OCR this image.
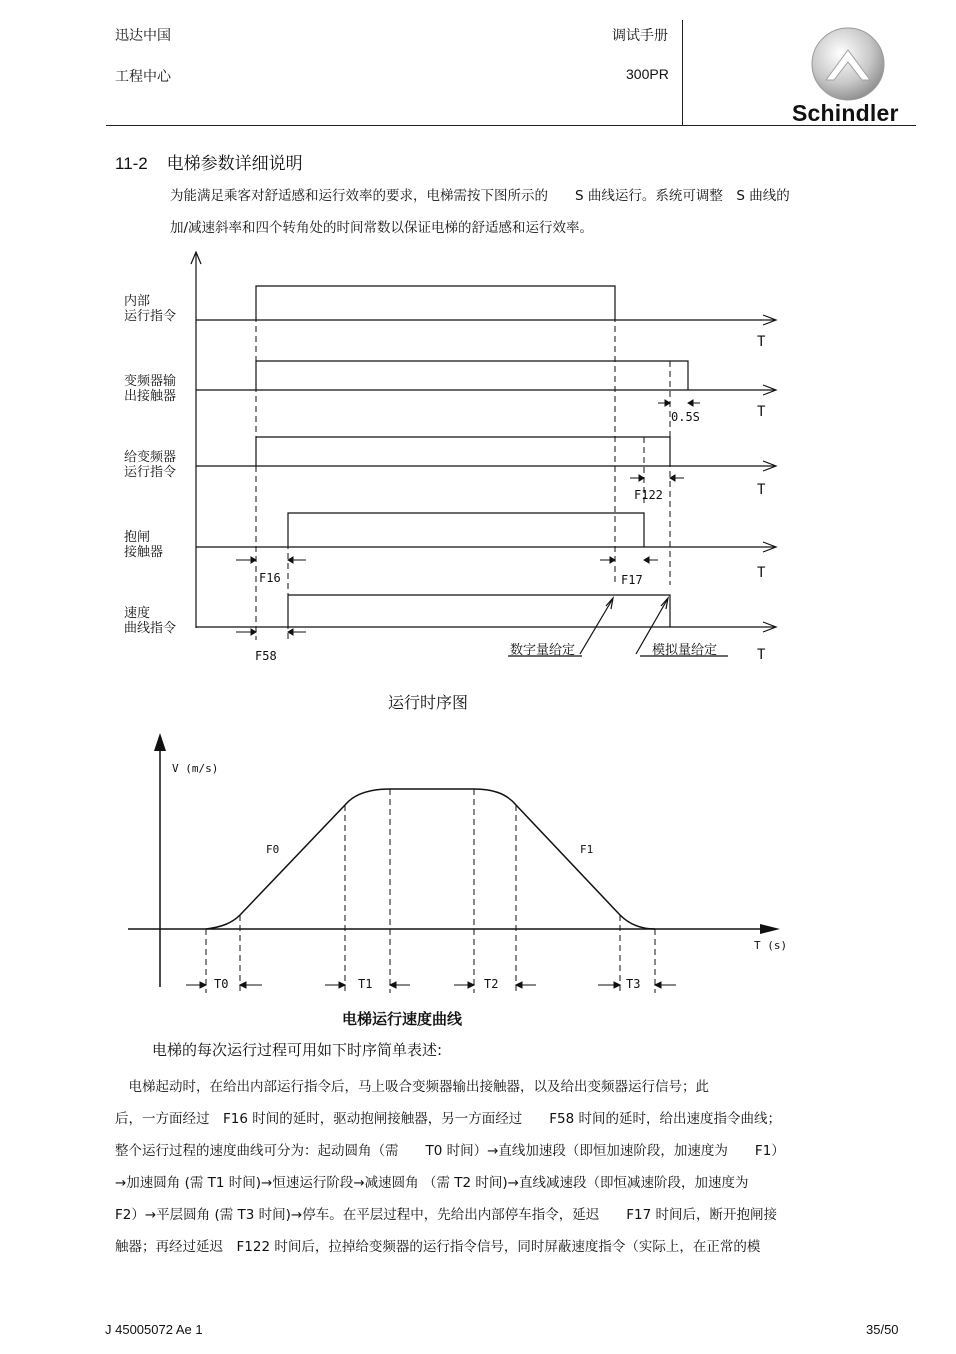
迅达中国
工程中心
调试手册
300PR
Schindler
11-2 电梯参数详细说明
为能满足乘客对舒适感和运行效率的要求，电梯需按下图所示的　　S 曲线运行。系统可调整　S 曲线的
加/减速斜率和四个转角处的时间常数以保证电梯的舒适感和运行效率。
内部
运行指令
变频器输
出接触器
给变频器
运行指令
抱闸
接触器
速度
曲线指令
T
T
T
T
T
0.5S
F122
F16	F17
F58	数字量给定	模拟量给定
运行时序图
V (m/s)
T (s)
F0	F1
T0	T1	T2	T3
电梯运行速度曲线
电梯的每次运行过程可用如下时序简单表述:
　电梯起动时，在给出内部运行指令后，马上吸合变频器输出接触器，以及给出变频器运行信号；此
后，一方面经过　F16 时间的延时，驱动抱闸接触器，另一方面经过　　F58 时间的延时，给出速度指令曲线；
整个运行过程的速度曲线可分为：起动圆角（需　　T0 时间）→直线加速段（即恒加速阶段，加速度为　　F1）
→加速圆角 (需 T1 时间)→恒速运行阶段→减速圆角 （需 T2 时间)→直线减速段（即恒减速阶段，加速度为
F2）→平层圆角 (需 T3 时间)→停车。在平层过程中，先给出内部停车指令，延迟　　F17 时间后，断开抱闸接
触器；再经过延迟　F122 时间后，拉掉给变频器的运行指令信号，同时屏蔽速度指令（实际上，在正常的模
J 45005072 Ae 1	35/50
